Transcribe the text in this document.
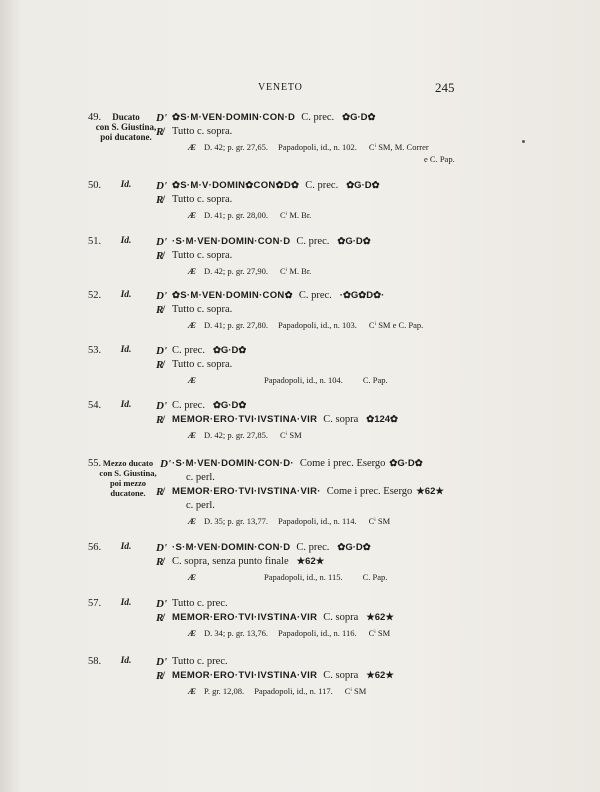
VENETO	245
49.	Ducato
con S. Giustina,
poi ducatone.
D' ✿S·M·VEN·DOMIN·CON·D C. prec. ✿G·D✿
R̸ Tutto c. sopra.
Æ D. 42; p. gr. 27,65. Papadopoli, id., n. 102. Cⁱ SM, M. Correr
e C. Pap.
50. Id. D' ✿S·M·V·DOMIN✿CON✿D✿ C. prec. ✿G·D✿
R̸ Tutto c. sopra.
Æ D. 41; p. gr. 28,00. Cⁱ M. Br.
51. Id. D' ·S·M·VEN·DOMIN·CON·D C. prec. ✿G·D✿
R̸ Tutto c. sopra.
Æ D. 42; p. gr. 27,90. Cⁱ M. Br.
52. Id. D' ✿S·M·VEN·DOMIN·CON✿ C. prec. ·✿G✿D✿·
R̸ Tutto c. sopra.
Æ D. 41; p. gr. 27,80. Papadopoli, id., n. 103. Cⁱ SM e C. Pap.
53. Id. D' C. prec. ✿G·D✿
R̸ Tutto c. sopra.
Æ	Papadopoli, id., n. 104. C. Pap.
54. Id. D' C. prec. ✿G·D✿
R̸ MEMOR·ERO·TVI·IVSTINA·VIR C. sopra ✿124✿
Æ D. 42; p. gr. 27,85. Cⁱ SM
55. Mezzo ducato
con S. Giustina,
poi mezzo ducatone.
D' ·S·M·VEN·DOMIN·CON·D· Come i prec. Esergo ✿G·D✿
c. perl.
R̸ MEMOR·ERO·TVI·IVSTINA·VIR· Come i prec. Esergo ★62★
c. perl.
Æ D. 35; p. gr. 13,77. Papadopoli, id., n. 114. Cⁱ SM
56. Id. D' ·S·M·VEN·DOMIN·CON·D C. prec. ✿G·D✿
R̸ C. sopra, senza punto finale ★62★
Æ	Papadopoli, id., n. 115. C. Pap.
57. Id. D' Tutto c. prec.
R̸ MEMOR·ERO·TVI·IVSTINA·VIR C. sopra ★62★
Æ D. 34; p. gr. 13,76. Papadopoli, id., n. 116. Cⁱ SM
58. Id. D' Tutto c. prec.
R̸ MEMOR·ERO·TVI·IVSTINA·VIR C. sopra ★62★
Æ P. gr. 12,08. Papadopoli, id., n. 117. Cⁱ SM
